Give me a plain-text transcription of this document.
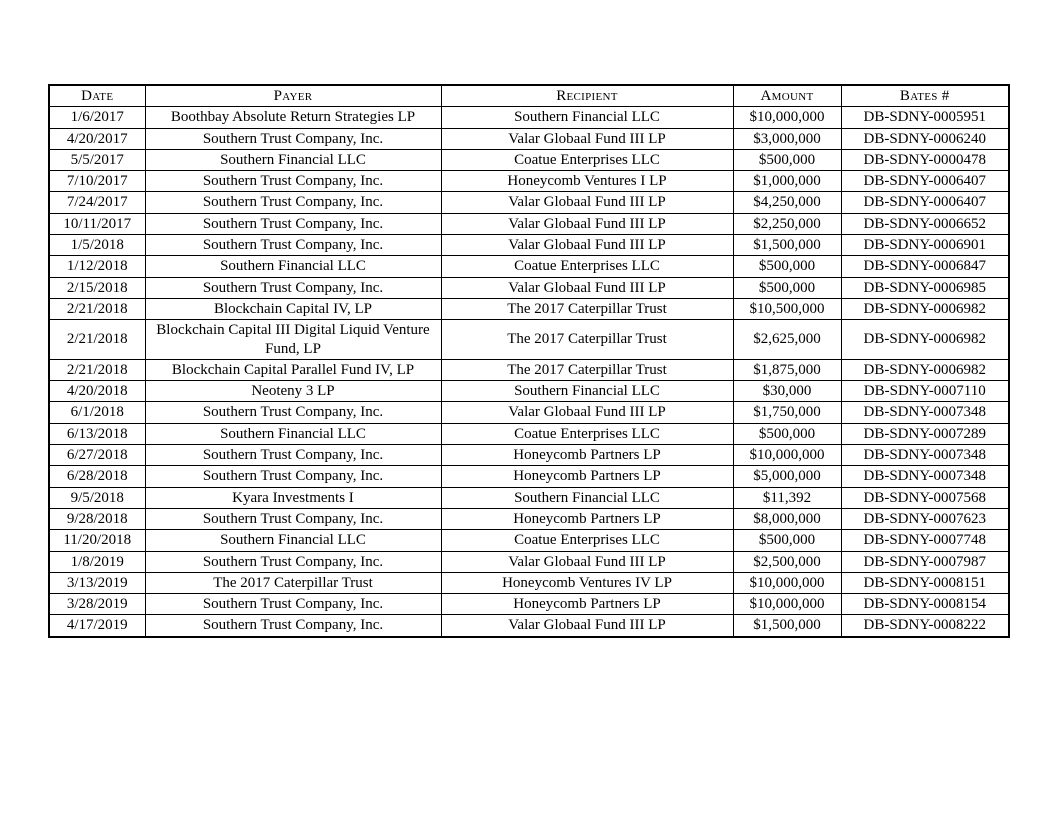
Date	Payer	Recipient	Amount	Bates #
1/6/2017	Boothbay Absolute Return Strategies LP	Southern Financial LLC	$10,000,000	DB-SDNY-0005951
4/20/2017	Southern Trust Company, Inc.	Valar Globaal Fund III LP	$3,000,000	DB-SDNY-0006240
5/5/2017	Southern Financial LLC	Coatue Enterprises LLC	$500,000	DB-SDNY-0000478
7/10/2017	Southern Trust Company, Inc.	Honeycomb Ventures I LP	$1,000,000	DB-SDNY-0006407
7/24/2017	Southern Trust Company, Inc.	Valar Globaal Fund III LP	$4,250,000	DB-SDNY-0006407
10/11/2017	Southern Trust Company, Inc.	Valar Globaal Fund III LP	$2,250,000	DB-SDNY-0006652
1/5/2018	Southern Trust Company, Inc.	Valar Globaal Fund III LP	$1,500,000	DB-SDNY-0006901
1/12/2018	Southern Financial LLC	Coatue Enterprises LLC	$500,000	DB-SDNY-0006847
2/15/2018	Southern Trust Company, Inc.	Valar Globaal Fund III LP	$500,000	DB-SDNY-0006985
2/21/2018	Blockchain Capital IV, LP	The 2017 Caterpillar Trust	$10,500,000	DB-SDNY-0006982
2/21/2018	Blockchain Capital III Digital Liquid Venture Fund, LP	The 2017 Caterpillar Trust	$2,625,000	DB-SDNY-0006982
2/21/2018	Blockchain Capital Parallel Fund IV, LP	The 2017 Caterpillar Trust	$1,875,000	DB-SDNY-0006982
4/20/2018	Neoteny 3 LP	Southern Financial LLC	$30,000	DB-SDNY-0007110
6/1/2018	Southern Trust Company, Inc.	Valar Globaal Fund III LP	$1,750,000	DB-SDNY-0007348
6/13/2018	Southern Financial LLC	Coatue Enterprises LLC	$500,000	DB-SDNY-0007289
6/27/2018	Southern Trust Company, Inc.	Honeycomb Partners LP	$10,000,000	DB-SDNY-0007348
6/28/2018	Southern Trust Company, Inc.	Honeycomb Partners LP	$5,000,000	DB-SDNY-0007348
9/5/2018	Kyara Investments I	Southern Financial LLC	$11,392	DB-SDNY-0007568
9/28/2018	Southern Trust Company, Inc.	Honeycomb Partners LP	$8,000,000	DB-SDNY-0007623
11/20/2018	Southern Financial LLC	Coatue Enterprises LLC	$500,000	DB-SDNY-0007748
1/8/2019	Southern Trust Company, Inc.	Valar Globaal Fund III LP	$2,500,000	DB-SDNY-0007987
3/13/2019	The 2017 Caterpillar Trust	Honeycomb Ventures IV LP	$10,000,000	DB-SDNY-0008151
3/28/2019	Southern Trust Company, Inc.	Honeycomb Partners LP	$10,000,000	DB-SDNY-0008154
4/17/2019	Southern Trust Company, Inc.	Valar Globaal Fund III LP	$1,500,000	DB-SDNY-0008222
